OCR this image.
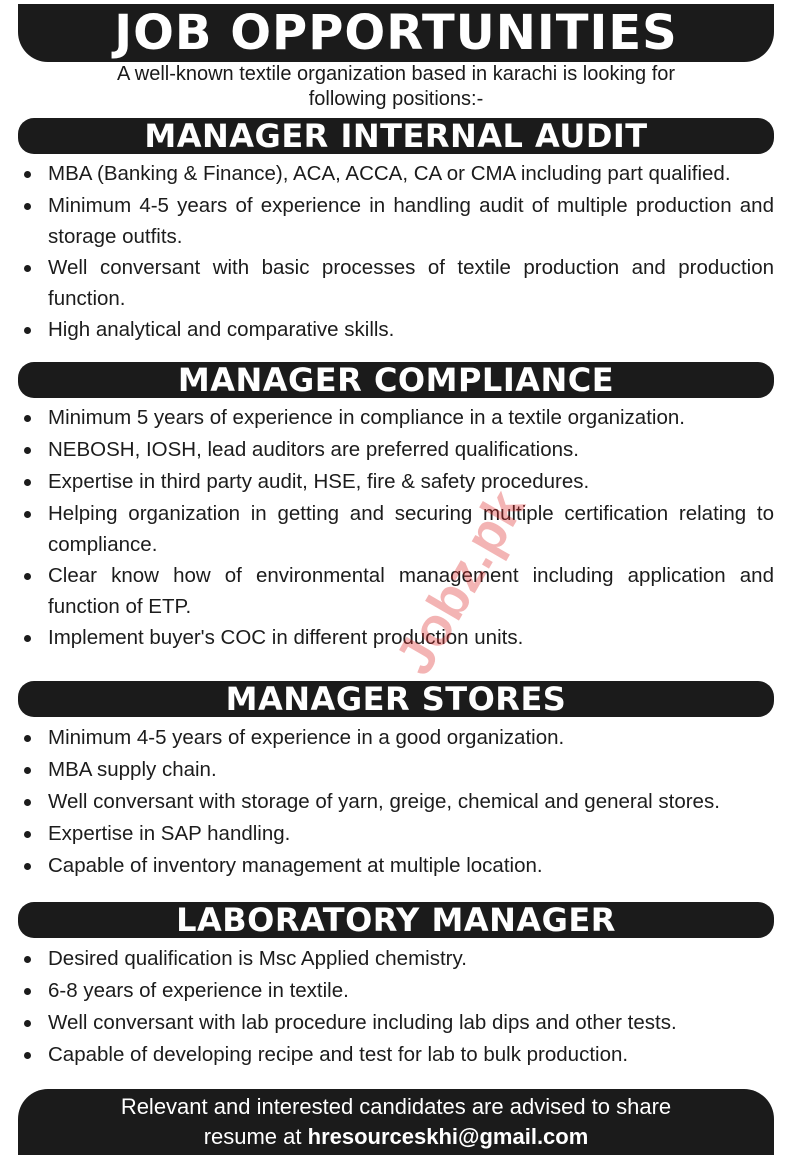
JOB OPPORTUNITIES
A well-known textile organization based in karachi is looking for
following positions:-
MANAGER INTERNAL AUDIT
MBA (Banking & Finance), ACA, ACCA, CA or CMA including part qualified.
Minimum 4-5 years of experience in handling audit of multiple production and storage outfits.
Well conversant with basic processes of textile production and production function.
High analytical and comparative skills.
MANAGER COMPLIANCE
Minimum 5 years of experience in compliance in a textile organization.
NEBOSH, IOSH, lead auditors are preferred qualifications.
Expertise in third party audit, HSE, fire & safety procedures.
Helping organization in getting and securing multiple certification relating to compliance.
Clear know how of environmental management including application and function of ETP.
Implement buyer's COC in different production units.
MANAGER STORES
Minimum 4-5 years of experience in a good organization.
MBA supply chain.
Well conversant with storage of yarn, greige, chemical and general stores.
Expertise in SAP handling.
Capable of inventory management at multiple location.
LABORATORY MANAGER
Desired qualification is Msc Applied chemistry.
6-8 years of experience in textile.
Well conversant with lab procedure including lab dips and other tests.
Capable of developing recipe and test for lab to bulk production.
Relevant and interested candidates are advised to share
resume at hresourceskhi@gmail.com
Jobz.pk
